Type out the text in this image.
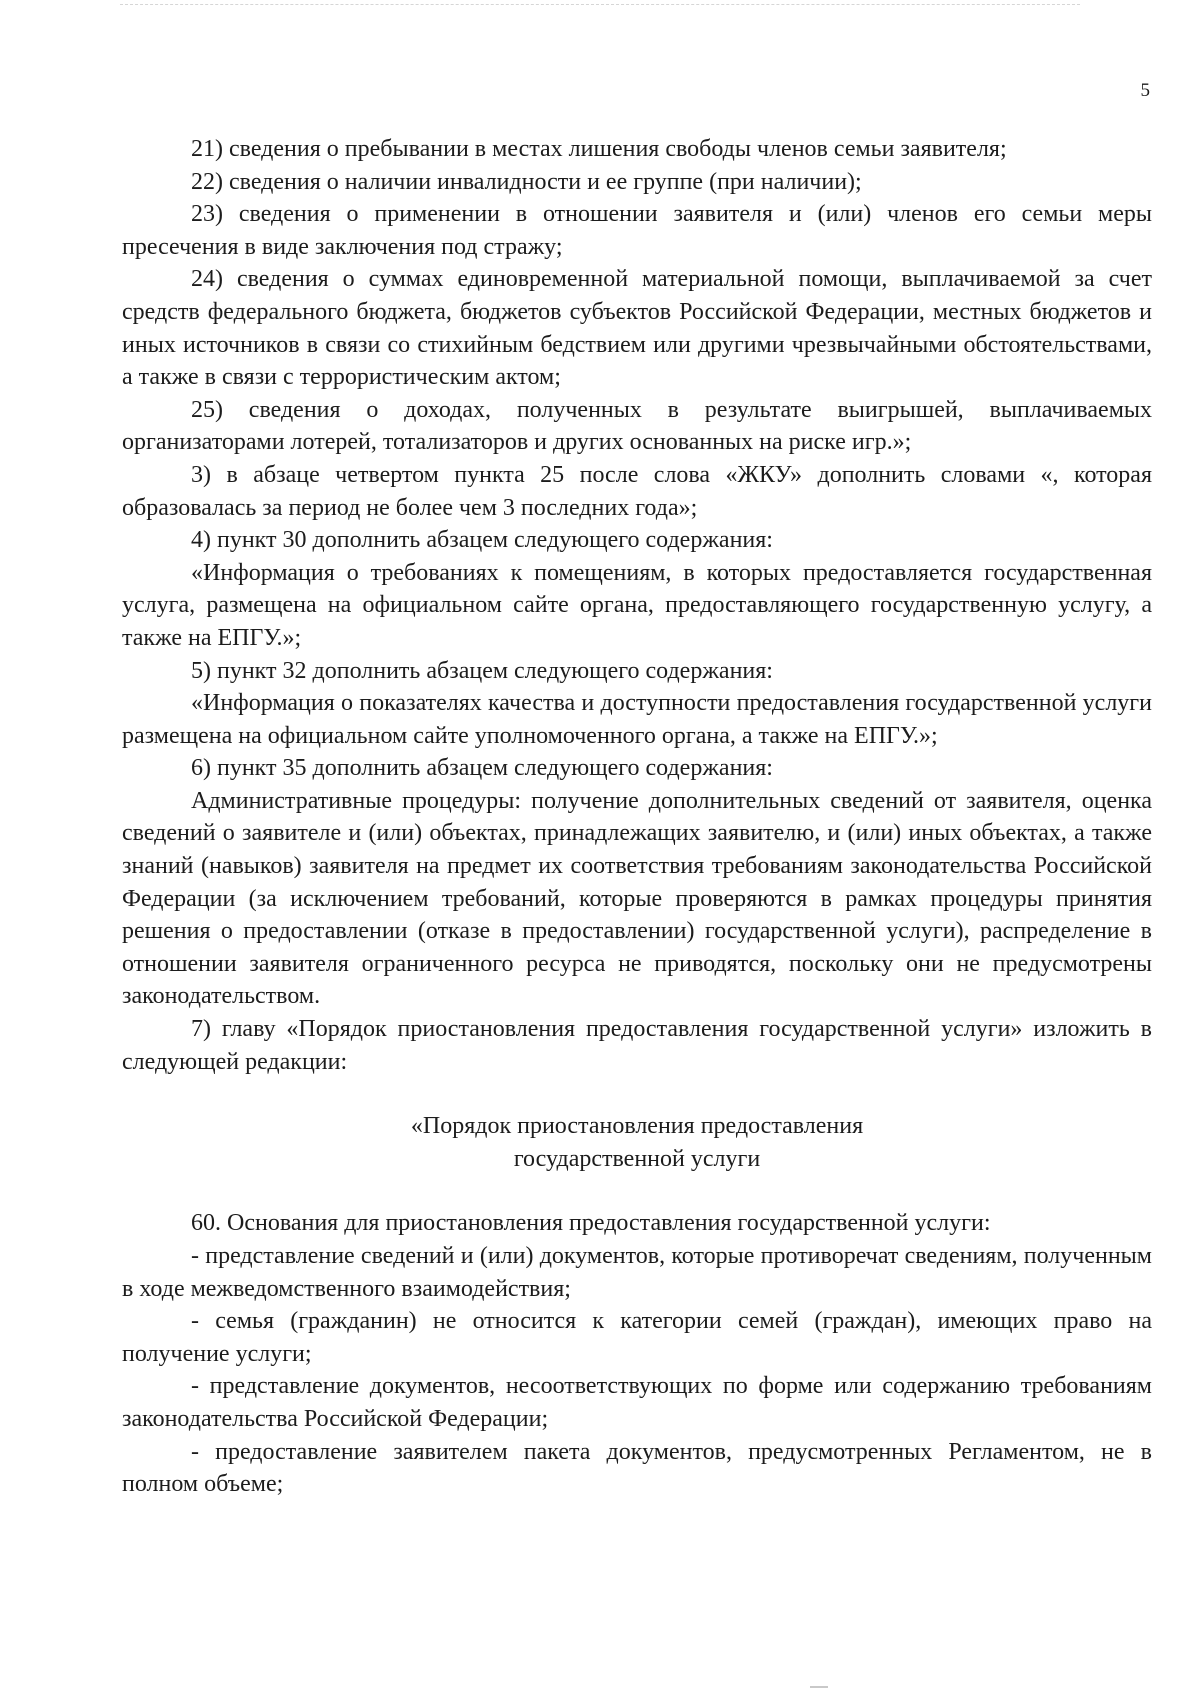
5

21) сведения о пребывании в местах лишения свободы членов семьи заявителя;

22) сведения о наличии инвалидности и ее группе (при наличии);

23) сведения о применении в отношении заявителя и (или) членов его семьи меры пресечения в виде заключения под стражу;

24) сведения о суммах единовременной материальной помощи, выплачиваемой за счет средств федерального бюджета, бюджетов субъектов Российской Федерации, местных бюджетов и иных источников в связи со стихийным бедствием или другими чрезвычайными обстоятельствами, а также в связи с террористическим актом;

25) сведения о доходах, полученных в результате выигрышей, выплачиваемых организаторами лотерей, тотализаторов и других основанных на риске игр.»;

3) в абзаце четвертом пункта 25 после слова «ЖКУ» дополнить словами «, которая образовалась за период не более чем 3 последних года»;

4) пункт 30 дополнить абзацем следующего содержания:

«Информация о требованиях к помещениям, в которых предоставляется государственная услуга, размещена на официальном сайте органа, предоставляющего государственную услугу, а также на ЕПГУ.»;

5) пункт 32 дополнить абзацем следующего содержания:

«Информация о показателях качества и доступности предоставления государственной услуги размещена на официальном сайте уполномоченного органа, а также на ЕПГУ.»;

6) пункт 35 дополнить абзацем следующего содержания:

Административные процедуры: получение дополнительных сведений от заявителя, оценка сведений о заявителе и (или) объектах, принадлежащих заявителю, и (или) иных объектах, а также знаний (навыков) заявителя на предмет их соответствия требованиям законодательства Российской Федерации (за исключением требований, которые проверяются в рамках процедуры принятия решения о предоставлении (отказе в предоставлении) государственной услуги), распределение в отношении заявителя ограниченного ресурса не приводятся, поскольку они не предусмотрены законодательством.

7) главу «Порядок приостановления предоставления государственной услуги» изложить в следующей редакции:

«Порядок приостановления предоставления
государственной услуги

60. Основания для приостановления предоставления государственной услуги:

- представление сведений и (или) документов, которые противоречат сведениям, полученным в ходе межведомственного взаимодействия;

- семья (гражданин) не относится к категории семей (граждан), имеющих право на получение услуги;

- представление документов, несоответствующих по форме или содержанию требованиям законодательства Российской Федерации;

- предоставление заявителем пакета документов, предусмотренных Регламентом, не в полном объеме;
